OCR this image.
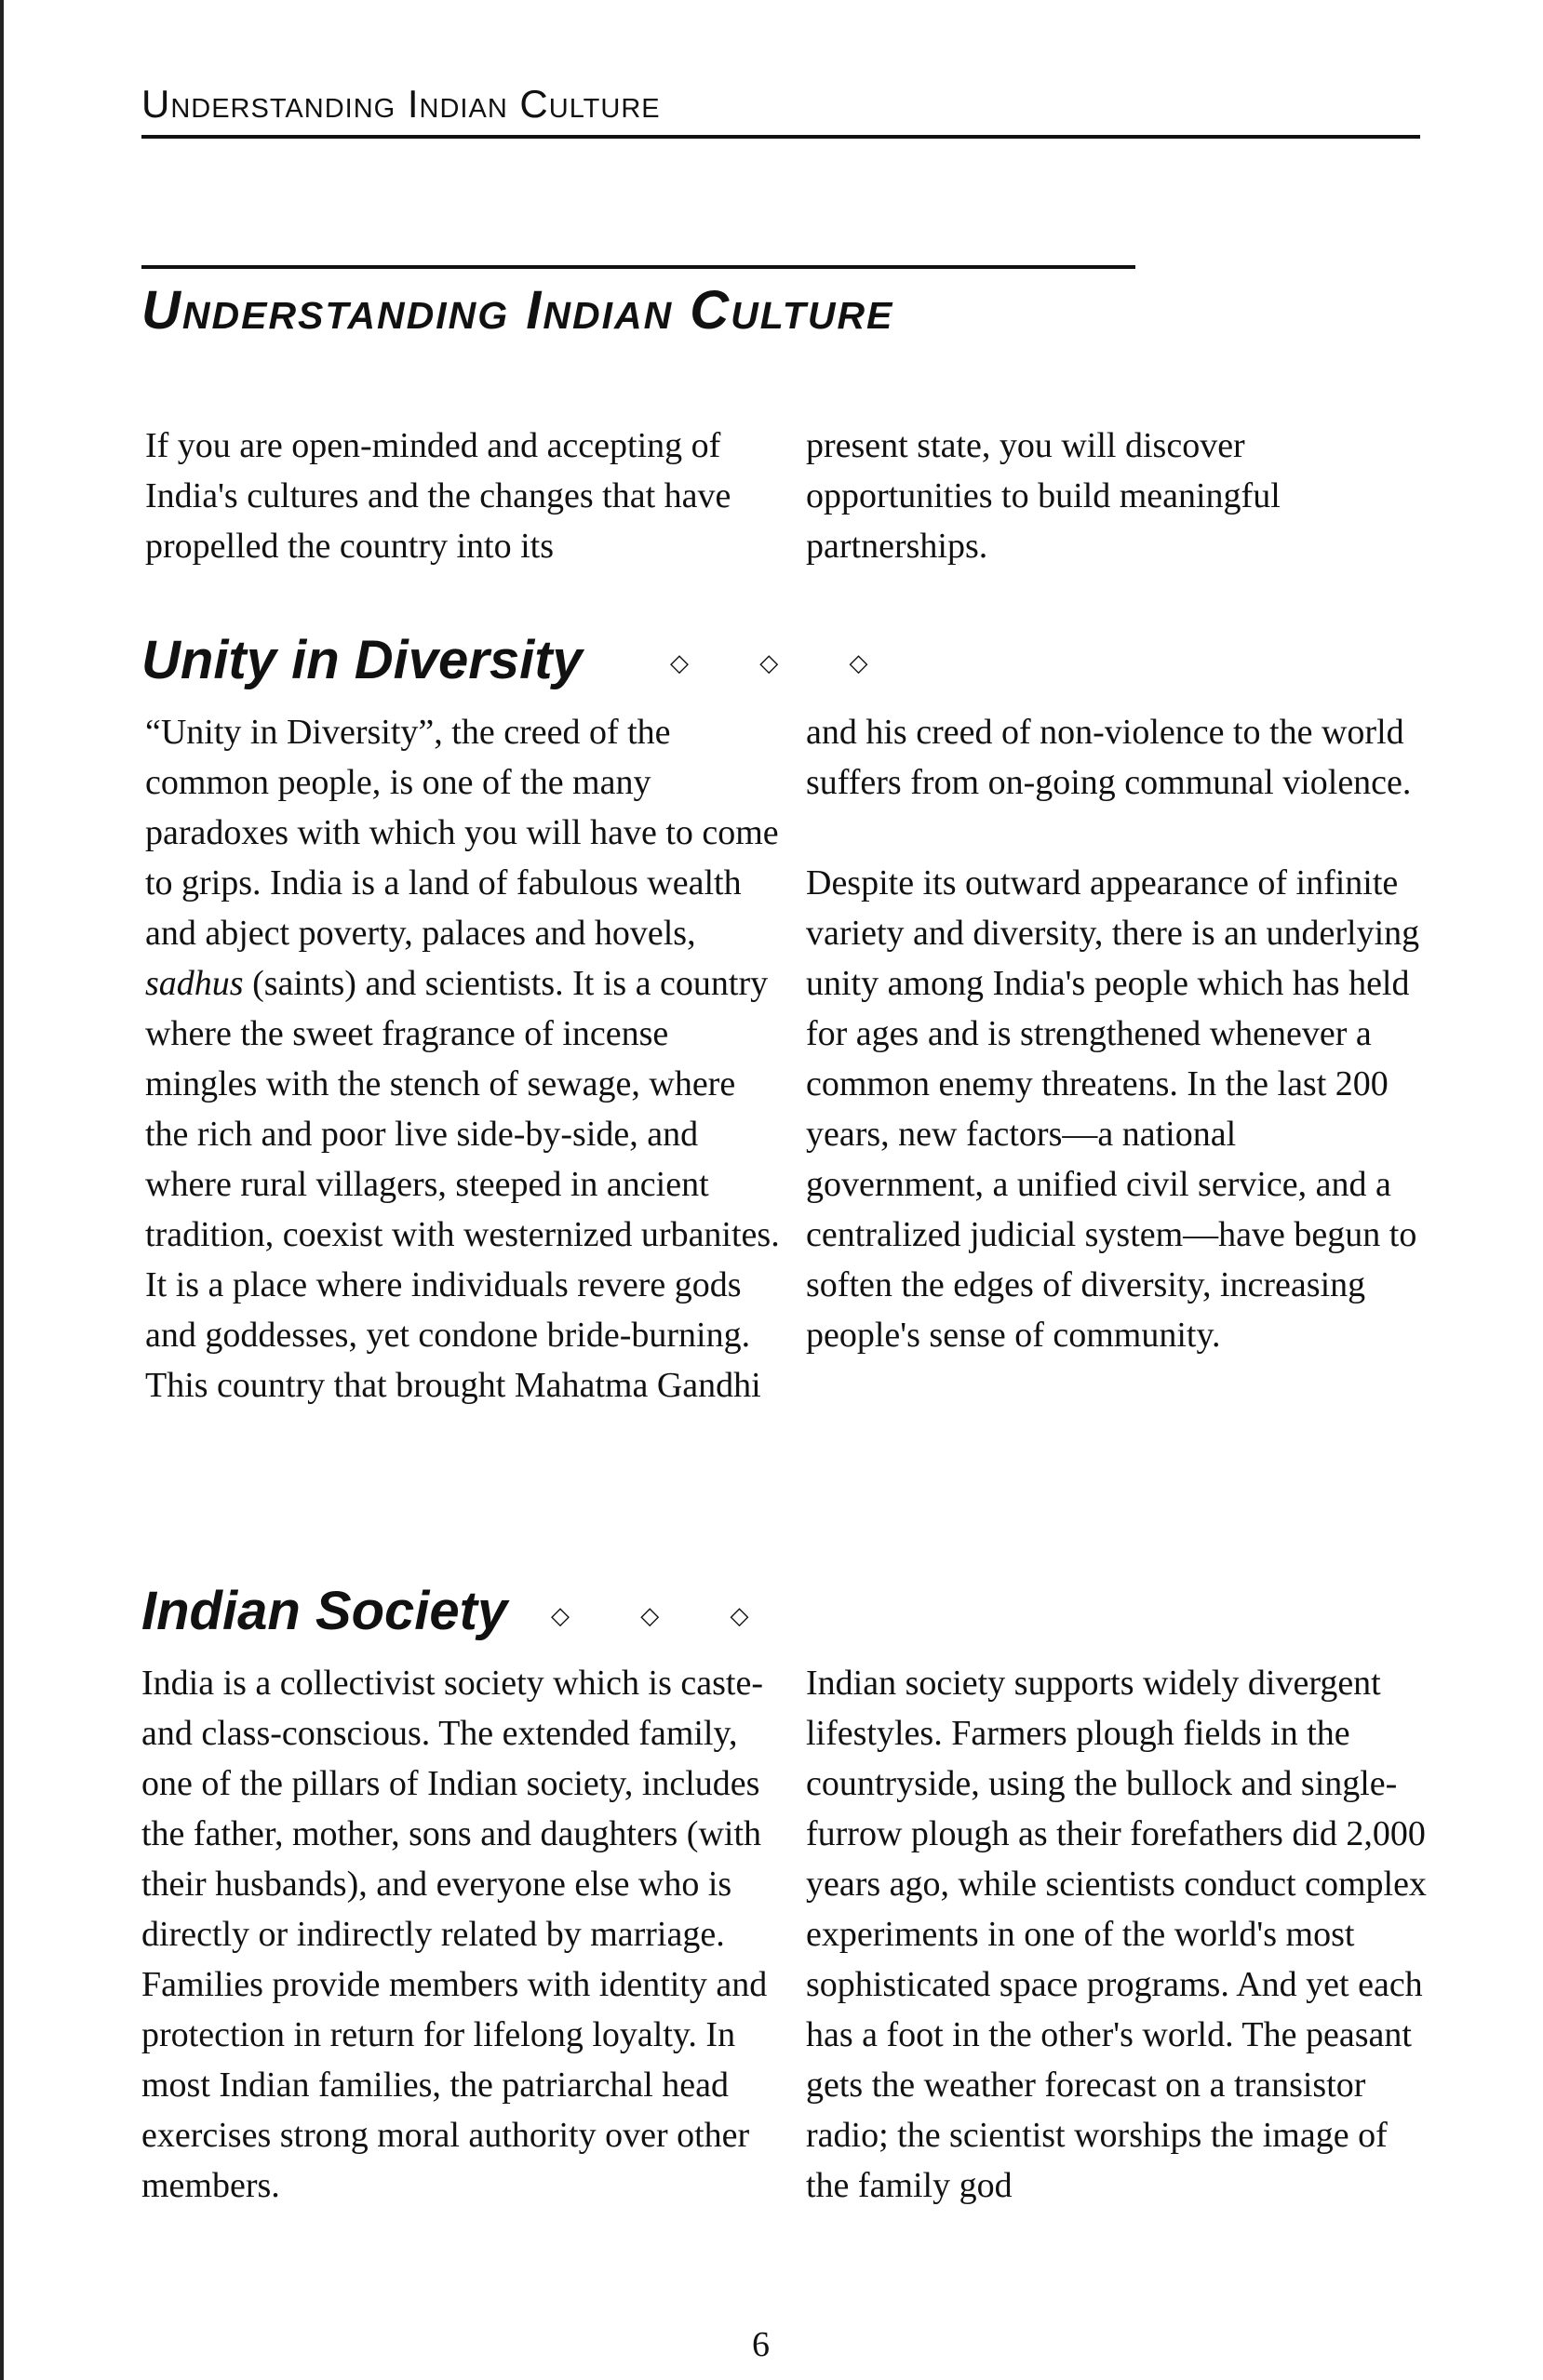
Understanding Indian Culture
Understanding Indian Culture

If you are open-minded and accepting of India's cultures and the changes that have propelled the country into its

present state, you will discover opportunities to build meaningful partnerships.

Unity in Diversity	◇ ◇ ◇

“Unity in Diversity”, the creed of the common people, is one of the many paradoxes with which you will have to come to grips. India is a land of fabulous wealth and abject poverty, palaces and hovels, sadhus (saints) and scientists. It is a country where the sweet fragrance of incense mingles with the stench of sewage, where the rich and poor live side-by-side, and where rural villagers, steeped in ancient tradition, coexist with westernized urbanites. It is a place where individuals revere gods and goddesses, yet condone bride-burning. This country that brought Mahatma Gandhi

and his creed of non-violence to the world suffers from on-going communal violence.

Despite its outward appearance of infinite variety and diversity, there is an underlying unity among India's people which has held for ages and is strengthened whenever a common enemy threatens. In the last 200 years, new factors—a national government, a unified civil service, and a centralized judicial system—have begun to soften the edges of diversity, increasing people's sense of community.

Indian Society ◇ ◇ ◇

India is a collectivist society which is caste- and class-conscious. The extended family, one of the pillars of Indian society, includes the father, mother, sons and daughters (with their husbands), and everyone else who is directly or indirectly related by marriage. Families provide members with identity and protection in return for lifelong loyalty. In most Indian families, the patriarchal head exercises strong moral authority over other members.

Indian society supports widely divergent lifestyles. Farmers plough fields in the countryside, using the bullock and single-furrow plough as their forefathers did 2,000 years ago, while scientists conduct complex experiments in one of the world's most sophisticated space programs. And yet each has a foot in the other's world. The peasant gets the weather forecast on a transistor radio; the scientist worships the image of the family god

6
